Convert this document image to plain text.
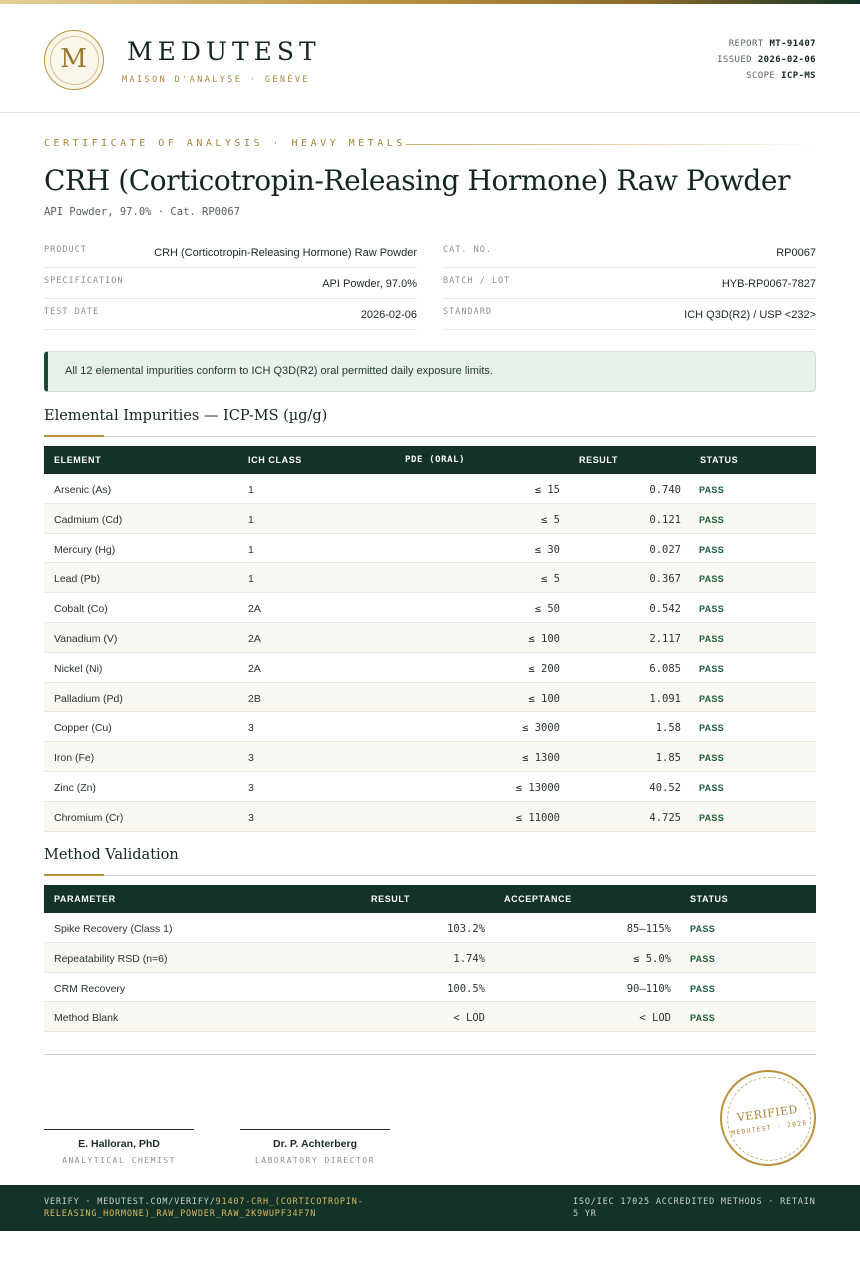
M	MEDUTEST
MAISON D'ANALYSE · GENÈVE
REPORT MT-91407
ISSUED 2026-02-06
SCOPE ICP-MS
CERTIFICATE OF ANALYSIS · HEAVY METALS
CRH (Corticotropin-Releasing Hormone) Raw Powder
API Powder, 97.0% · Cat. RP0067
PRODUCT	CRH (Corticotropin-Releasing Hormone) Raw Powder
SPECIFICATION	API Powder, 97.0%
TEST DATE	2026-02-06
CAT. NO.	RP0067
BATCH / LOT	HYB-RP0067-7827
STANDARD	ICH Q3D(R2) / USP <232>
All 12 elemental impurities conform to ICH Q3D(R2) oral permitted daily exposure limits.
Elemental Impurities — ICP-MS (µg/g)
ELEMENT	ICH CLASS	PDE (ORAL)	RESULT	STATUS
Arsenic (As)	1	≤ 15	0.740 PASS
Cadmium (Cd)	1	≤ 5	0.121 PASS
Mercury (Hg)	1	≤ 30	0.027 PASS
Lead (Pb)	1	≤ 5	0.367 PASS
Cobalt (Co)	2A	≤ 50	0.542 PASS
Vanadium (V)	2A	≤ 100	2.117 PASS
Nickel (Ni)	2A	≤ 200	6.085 PASS
Palladium (Pd)	2B	≤ 100	1.091 PASS
Copper (Cu)	3	≤ 3000	1.58 PASS
Iron (Fe)	3	≤ 1300	1.85 PASS
Zinc (Zn)	3	≤ 13000	40.52 PASS
Chromium (Cr)	3	≤ 11000	4.725 PASS
Method Validation
PARAMETER	RESULT	ACCEPTANCE	STATUS
Spike Recovery (Class 1)	103.2%	85–115% PASS
Repeatability RSD (n=6)	1.74%	≤ 5.0% PASS
CRM Recovery	100.5%	90–110% PASS
Method Blank	< LOD	< LOD PASS
E. Halloran, PhD
ANALYTICAL CHEMIST
Dr. P. Achterberg
LABORATORY DIRECTOR
VERIFIED
MEDUTEST · 2026
VERIFY · MEDUTEST.COM/VERIFY/91407-CRH_(CORTICOTROPIN-RELEASING_HORMONE)_RAW_POWDER_RAW_2K9WUPF34F7N
ISO/IEC 17025 ACCREDITED METHODS · RETAIN 5 YR
